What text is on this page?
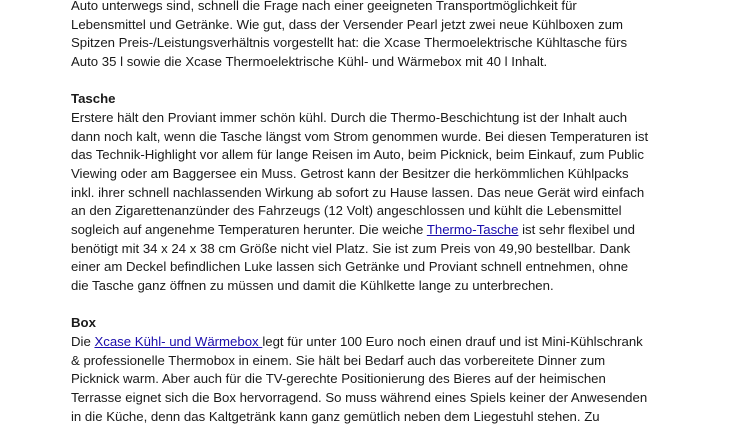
Auto unterwegs sind, schnell die Frage nach einer geeigneten Transportmöglichkeit für
Lebensmittel und Getränke. Wie gut, dass der Versender Pearl jetzt zwei neue Kühlboxen zum
Spitzen Preis-/Leistungsverhältnis vorgestellt hat: die Xcase Thermoelektrische Kühltasche fürs
Auto 35 l sowie die Xcase Thermoelektrische Kühl- und Wärmebox mit 40 l Inhalt.
Tasche
Erstere hält den Proviant immer schön kühl. Durch die Thermo-Beschichtung ist der Inhalt auch
dann noch kalt, wenn die Tasche längst vom Strom genommen wurde. Bei diesen Temperaturen ist
das Technik-Highlight vor allem für lange Reisen im Auto, beim Picknick, beim Einkauf, zum Public
Viewing oder am Baggersee ein Muss. Getrost kann der Besitzer die herkömmlichen Kühlpacks
inkl. ihrer schnell nachlassenden Wirkung ab sofort zu Hause lassen. Das neue Gerät wird einfach
an den Zigarettenanzünder des Fahrzeugs (12 Volt) angeschlossen und kühlt die Lebensmittel
sogleich auf angenehme Temperaturen herunter. Die weiche Thermo-Tasche ist sehr flexibel und
benötigt mit 34 x 24 x 38 cm Größe nicht viel Platz. Sie ist zum Preis von 49,90 bestellbar. Dank
einer am Deckel befindlichen Luke lassen sich Getränke und Proviant schnell entnehmen, ohne
die Tasche ganz öffnen zu müssen und damit die Kühlkette lange zu unterbrechen.
Box
Die Xcase Kühl- und Wärmebox legt für unter 100 Euro noch einen drauf und ist Mini-Kühlschrank
& professionelle Thermobox in einem. Sie hält bei Bedarf auch das vorbereitete Dinner zum
Picknick warm. Aber auch für die TV-gerechte Positionierung des Bieres auf der heimischen
Terrasse eignet sich die Box hervorragend. So muss während eines Spiels keiner der Anwesenden
in die Küche, denn das Kaltgetränk kann ganz gemütlich neben dem Liegestuhl stehen. Zu
